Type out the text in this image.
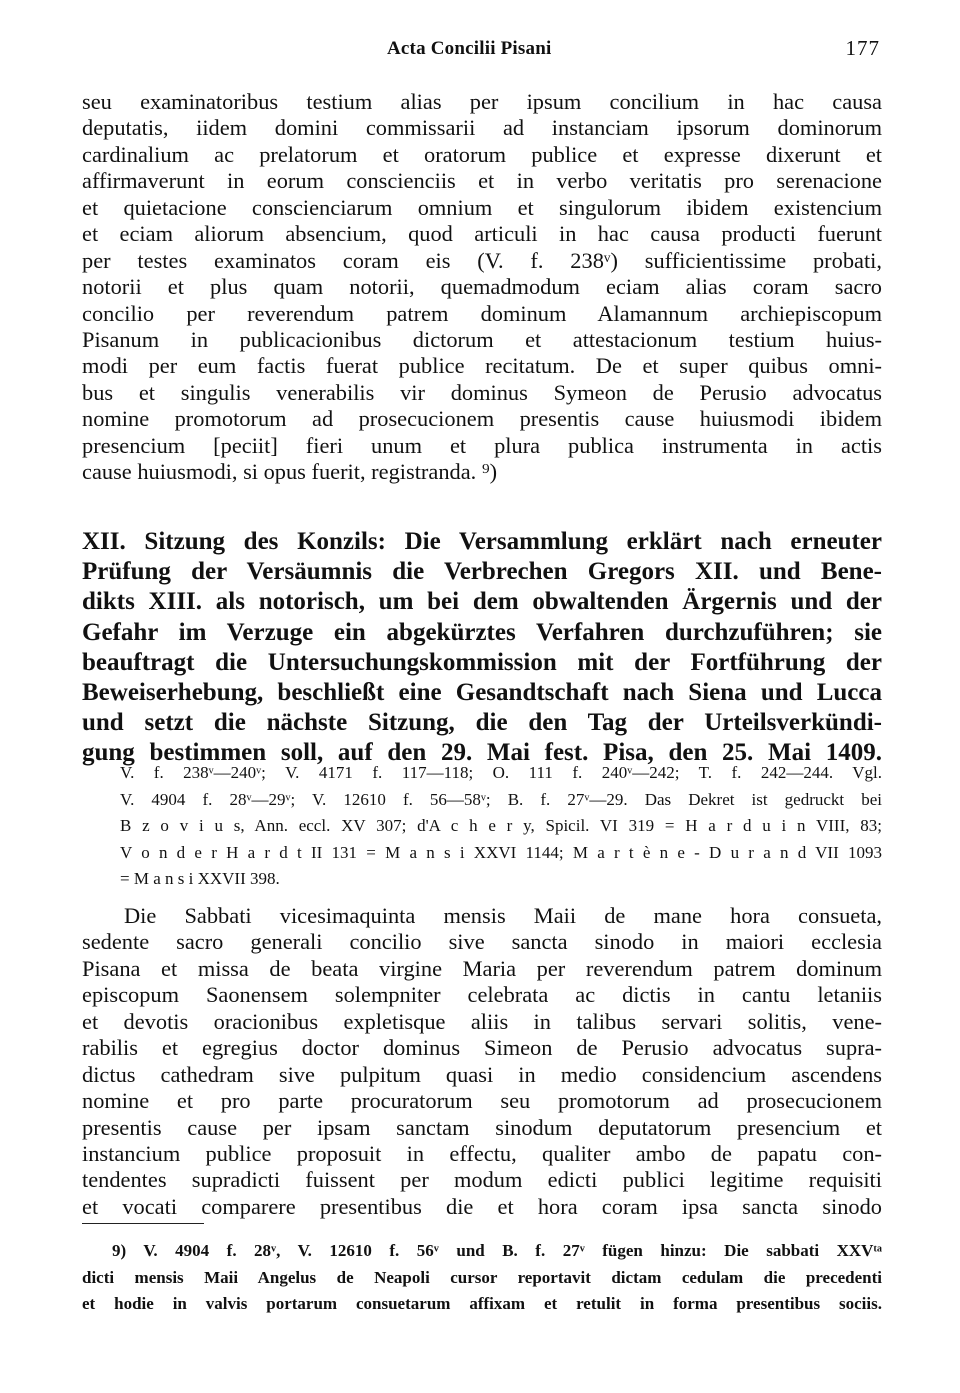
Acta Concilii Pisani	177
seu examinatoribus testium alias per ipsum concilium in hac causa
deputatis, iidem domini commissarii ad instanciam ipsorum dominorum
cardinalium ac prelatorum et oratorum publice et expresse dixerunt et
affirmaverunt in eorum conscienciis et in verbo veritatis pro serenacione
et quietacione conscienciarum omnium et singulorum ibidem existencium
et eciam aliorum absencium, quod articuli in hac causa producti fuerunt
per testes examinatos coram eis (V. f. 238ᵛ) sufficientissime probati,
notorii et plus quam notorii, quemadmodum eciam alias coram sacro
concilio per reverendum patrem dominum Alamannum archiepiscopum
Pisanum in publicacionibus dictorum et attestacionum testium huius-
modi per eum factis fuerat publice recitatum. De et super quibus omni-
bus et singulis venerabilis vir dominus Symeon de Perusio advocatus
nomine promotorum ad prosecucionem presentis cause huiusmodi ibidem
presencium [peciit] fieri unum et plura publica instrumenta in actis
cause huiusmodi, si opus fuerit, registranda. ⁹)
XII. Sitzung des Konzils: Die Versammlung erklärt nach erneuter
Prüfung der Versäumnis die Verbrechen Gregors XII. und Bene-
dikts XIII. als notorisch, um bei dem obwaltenden Ärgernis und der
Gefahr im Verzuge ein abgekürztes Verfahren durchzuführen; sie
beauftragt die Untersuchungskommission mit der Fortführung der
Beweiserhebung, beschließt eine Gesandtschaft nach Siena und Lucca
und setzt die nächste Sitzung, die den Tag der Urteilsverkündi-
gung bestimmen soll, auf den 29. Mai fest. Pisa, den 25. Mai 1409.
V. f. 238ᵛ—240ᵛ; V. 4171 f. 117—118; O. 111 f. 240ᵛ—242; T. f. 242—244. Vgl.
V. 4904 f. 28ᵛ—29ᵛ; V. 12610 f. 56—58ᵛ; B. f. 27ᵛ—29. Das Dekret ist gedruckt bei
B z o v i u s, Ann. eccl. XV 307; d'A c h e r y, Spicil. VI 319 = H a r d u i n VIII, 83;
V o n d e r H a r d t II 131 = M a n s i XXVI 1144; M a r t è n e - D u r a n d VII 1093
= M a n s i XXVII 398.
Die Sabbati vicesimaquinta mensis Maii de mane hora consueta,
sedente sacro generali concilio sive sancta sinodo in maiori ecclesia
Pisana et missa de beata virgine Maria per reverendum patrem dominum
episcopum Saonensem solempniter celebrata ac dictis in cantu letaniis
et devotis oracionibus expletisque aliis in talibus servari solitis, vene-
rabilis et egregius doctor dominus Simeon de Perusio advocatus supra-
dictus cathedram sive pulpitum quasi in medio considencium ascendens
nomine et pro parte procuratorum seu promotorum ad prosecucionem
presentis cause per ipsam sanctam sinodum deputatorum presencium et
instancium publice proposuit in effectu, qualiter ambo de papatu con-
tendentes supradicti fuissent per modum edicti publici legitime requisiti
et vocati comparere presentibus die et hora coram ipsa sancta sinodo
9) V. 4904 f. 28ᵛ, V. 12610 f. 56ᵛ und B. f. 27ᵛ fügen hinzu: Die sabbati XXVᵗᵃ
dicti mensis Maii Angelus de Neapoli cursor reportavit dictam cedulam die precedenti
et hodie in valvis portarum consuetarum affixam et retulit in forma presentibus sociis.
